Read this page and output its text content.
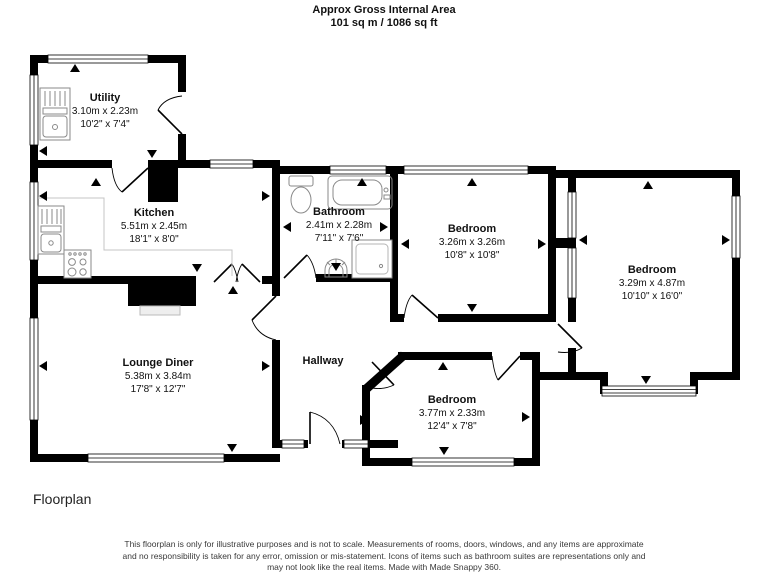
Approx Gross Internal Area
101 sq m / 1086 sq ft
Utility
3.10m x 2.23m
10'2" x 7'4"
Kitchen
5.51m x 2.45m
18'1" x 8'0"
Bathroom
2.41m x 2.28m
7'11" x 7'6"
Bedroom
3.26m x 3.26m
10'8" x 10'8"
Bedroom
3.29m x 4.87m
10'10" x 16'0"
Lounge Diner
5.38m x 3.84m
17'8" x 12'7"
Hallway
Bedroom
3.77m x 2.33m
12'4" x 7'8"
Floorplan
This floorplan is only for illustrative purposes and is not to scale. Measurements of rooms, doors, windows, and any items are approximate
and no responsibility is taken for any error, omission or mis-statement. Icons of items such as bathroom suites are representations only and
may not look like the real items. Made with Made Snappy 360.
